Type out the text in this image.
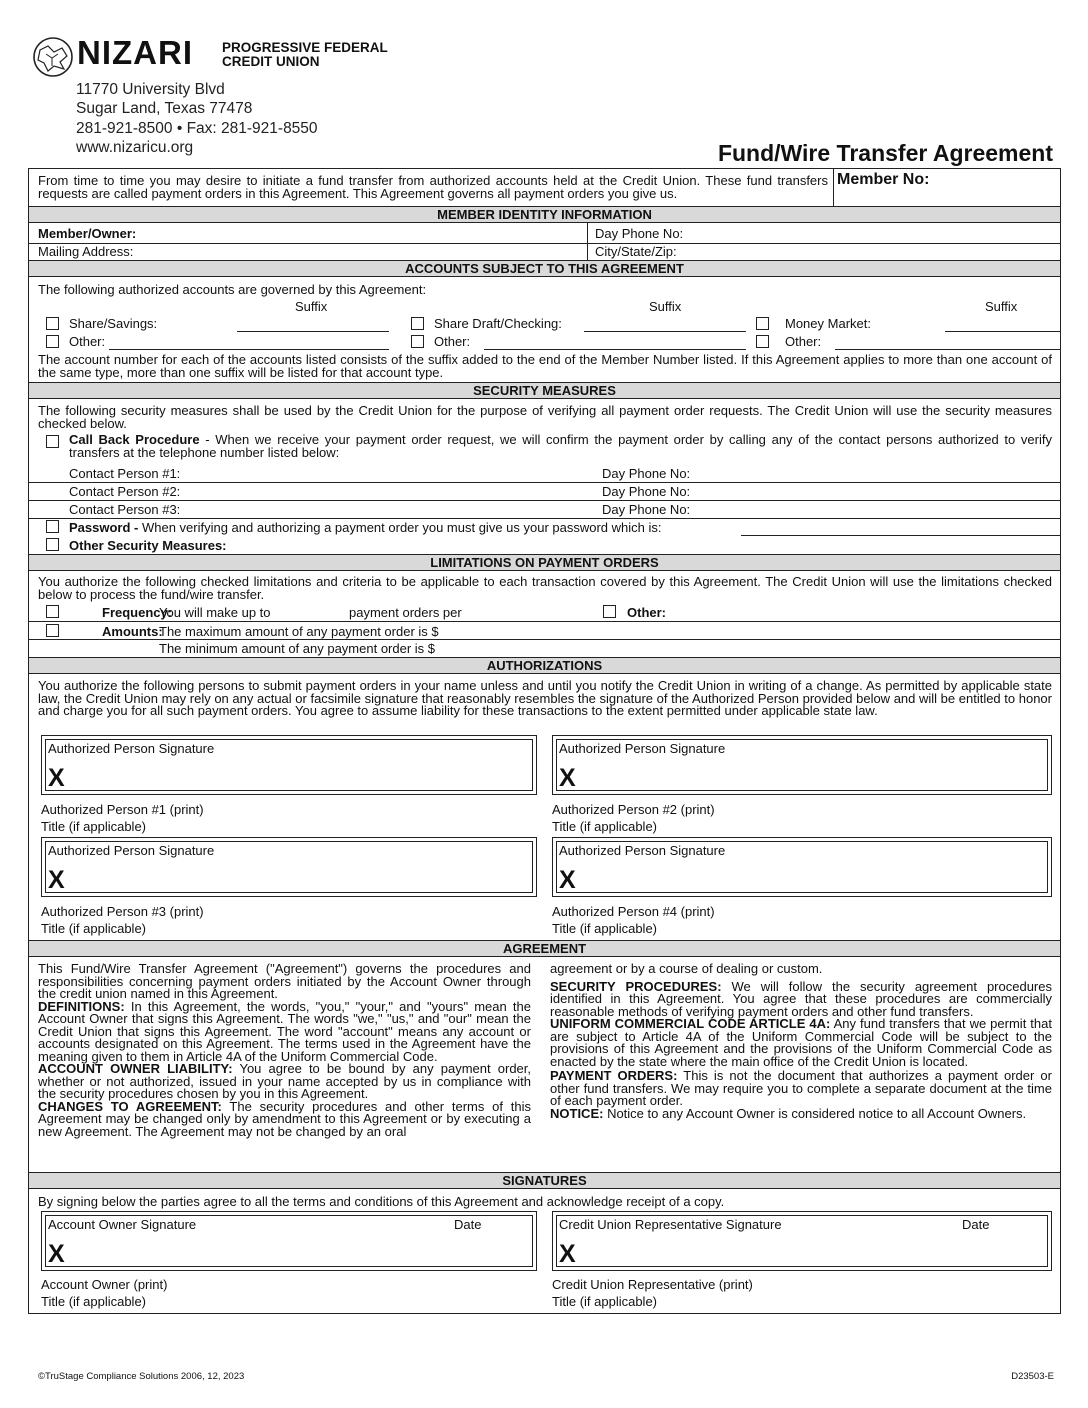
NIZARI PROGRESSIVE FEDERAL
CREDIT UNION
11770 University Blvd
Sugar Land, Texas 77478
281-921-8500 • Fax: 281-921-8550
www.nizaricu.org	Fund/Wire Transfer Agreement
From time to time you may desire to initiate a fund transfer from authorized accounts held at the Credit Union. These fund transfers requests are called payment orders in this Agreement. This Agreement governs all payment orders you give us.
Member No:
MEMBER IDENTITY INFORMATION
Member/Owner:	Day Phone No:
Mailing Address:	City/State/Zip:
ACCOUNTS SUBJECT TO THIS AGREEMENT
The following authorized accounts are governed by this Agreement:
Suffix	Suffix	Suffix
Share/Savings:	Share Draft/Checking:	Money Market:
Other:	Other:	Other:
The account number for each of the accounts listed consists of the suffix added to the end of the Member Number listed. If this Agreement applies to more than one account of the same type, more than one suffix will be listed for that account type.
SECURITY MEASURES
The following security measures shall be used by the Credit Union for the purpose of verifying all payment order requests. The Credit Union will use the security measures checked below.
Call Back Procedure - When we receive your payment order request, we will confirm the payment order by calling any of the contact persons authorized to verify transfers at the telephone number listed below:
Contact Person #1:	Day Phone No:
Contact Person #2:	Day Phone No:
Contact Person #3:	Day Phone No:
Password - When verifying and authorizing a payment order you must give us your password which is:
Other Security Measures:
LIMITATIONS ON PAYMENT ORDERS
You authorize the following checked limitations and criteria to be applicable to each transaction covered by this Agreement. The Credit Union will use the limitations checked below to process the fund/wire transfer.
Frequency:
You will make up to	payment orders per	Other:
Amounts:
The maximum amount of any payment order is $
The minimum amount of any payment order is $
AUTHORIZATIONS
You authorize the following persons to submit payment orders in your name unless and until you notify the Credit Union in writing of a change. As permitted by applicable state law, the Credit Union may rely on any actual or facsimile signature that reasonably resembles the signature of the Authorized Person provided below and will be entitled to honor and charge you for all such payment orders. You agree to assume liability for these transactions to the extent permitted under applicable state law.
Authorized Person Signature
X
Authorized Person Signature
X
Authorized Person #1 (print)	Authorized Person #2 (print)
Title (if applicable)	Title (if applicable)
Authorized Person Signature
X
Authorized Person Signature
X
Authorized Person #3 (print)	Authorized Person #4 (print)
Title (if applicable)	Title (if applicable)
AGREEMENT
This Fund/Wire Transfer Agreement ("Agreement") governs the procedures and responsibilities concerning payment orders initiated by the Account Owner through the credit union named in this Agreement.
DEFINITIONS: In this Agreement, the words, "you," "your," and "yours" mean the Account Owner that signs this Agreement. The words "we," "us," and "our" mean the Credit Union that signs this Agreement. The word "account" means any account or accounts designated on this Agreement. The terms used in the Agreement have the meaning given to them in Article 4A of the Uniform Commercial Code.
ACCOUNT OWNER LIABILITY: You agree to be bound by any payment order, whether or not authorized, issued in your name accepted by us in compliance with the security procedures chosen by you in this Agreement.
CHANGES TO AGREEMENT: The security procedures and other terms of this Agreement may be changed only by amendment to this Agreement or by executing a new Agreement. The Agreement may not be changed by an oral
agreement or by a course of dealing or custom.
SECURITY PROCEDURES: We will follow the security agreement procedures identified in this Agreement. You agree that these procedures are commercially reasonable methods of verifying payment orders and other fund transfers.
UNIFORM COMMERCIAL CODE ARTICLE 4A: Any fund transfers that we permit that are subject to Article 4A of the Uniform Commercial Code will be subject to the provisions of this Agreement and the provisions of the Uniform Commercial Code as enacted by the state where the main office of the Credit Union is located.
PAYMENT ORDERS: This is not the document that authorizes a payment order or other fund transfers. We may require you to complete a separate document at the time of each payment order.
NOTICE: Notice to any Account Owner is considered notice to all Account Owners.
SIGNATURES
By signing below the parties agree to all the terms and conditions of this Agreement and acknowledge receipt of a copy.
Account Owner Signature	Date
X
Credit Union Representative Signature	Date
X
Account Owner (print)	Credit Union Representative (print)
Title (if applicable)	Title (if applicable)
©TruStage Compliance Solutions 2006, 12, 2023	D23503-E
